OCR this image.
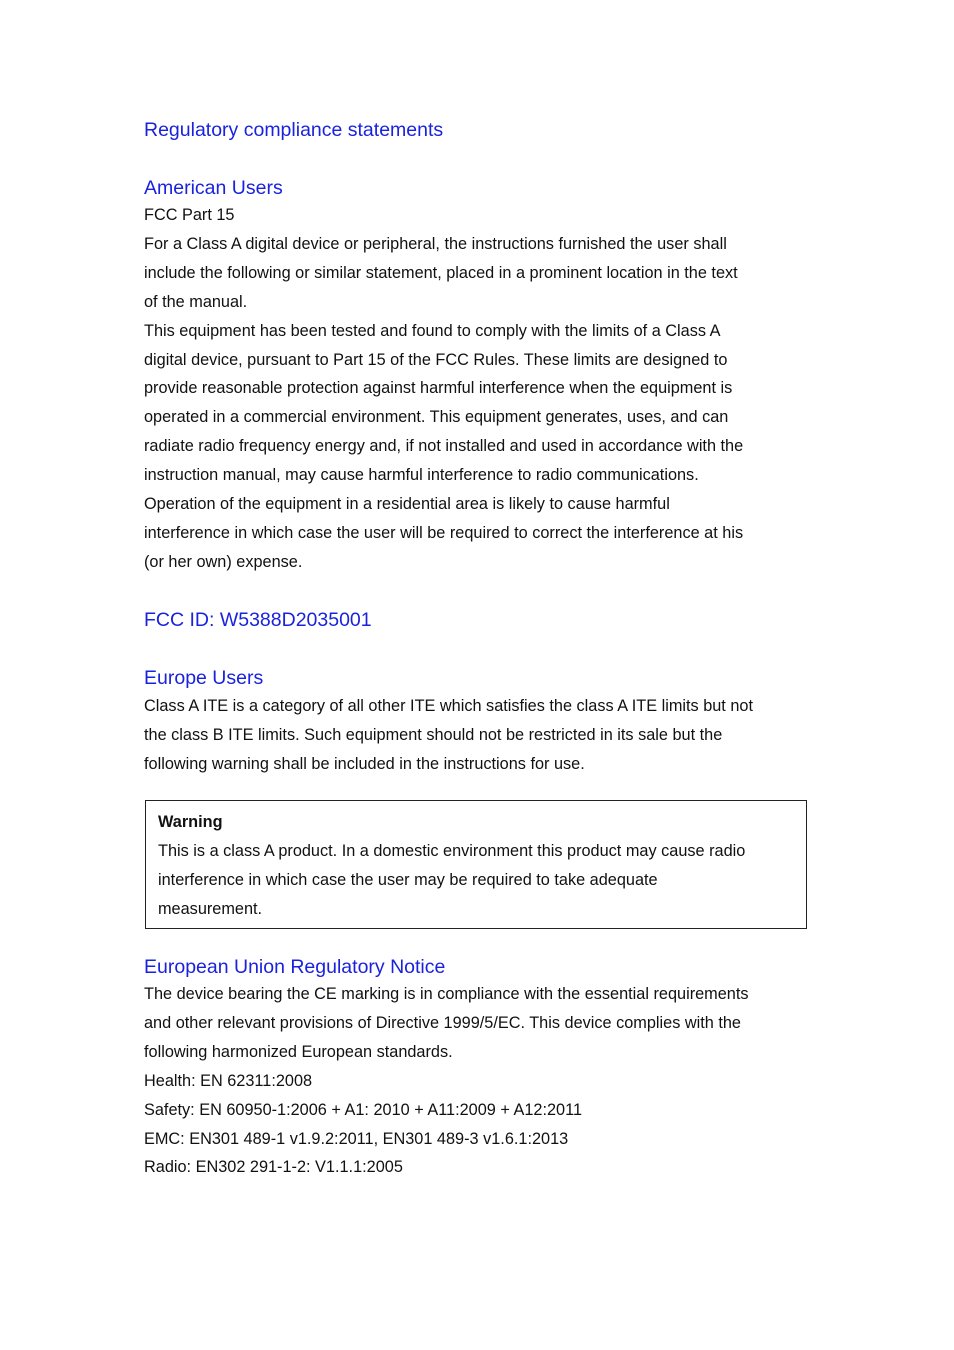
Regulatory compliance statements
American Users
FCC Part 15
For a Class A digital device or peripheral, the instructions furnished the user shall
include the following or similar statement, placed in a prominent location in the text
of the manual.
This equipment has been tested and found to comply with the limits of a Class A
digital device, pursuant to Part 15 of the FCC Rules. These limits are designed to
provide reasonable protection against harmful interference when the equipment is
operated in a commercial environment. This equipment generates, uses, and can
radiate radio frequency energy and, if not installed and used in accordance with the
instruction manual, may cause harmful interference to radio communications.
Operation of the equipment in a residential area is likely to cause harmful
interference in which case the user will be required to correct the interference at his
(or her own) expense.
FCC ID: W5388D2035001
Europe Users
Class A ITE is a category of all other ITE which satisfies the class A ITE limits but not
the class B ITE limits. Such equipment should not be restricted in its sale but the
following warning shall be included in the instructions for use.
Warning
This is a class A product. In a domestic environment this product may cause radio
interference in which case the user may be required to take adequate
measurement.
European Union Regulatory Notice
The device bearing the CE marking is in compliance with the essential requirements
and other relevant provisions of Directive 1999/5/EC. This device complies with the
following harmonized European standards.
Health: EN 62311:2008
Safety: EN 60950-1:2006 + A1: 2010 + A11:2009 + A12:2011
EMC: EN301 489-1 v1.9.2:2011, EN301 489-3 v1.6.1:2013
Radio: EN302 291-1-2: V1.1.1:2005
